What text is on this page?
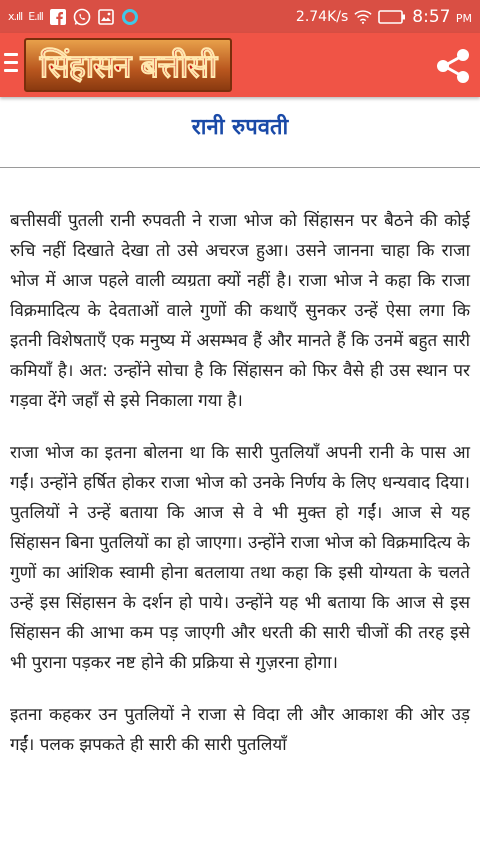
x.ıll E.ıll	2.74K/s	8:57 PM
सिंहासन बत्तीसी
रानी रुपवती

बत्तीसवीं पुतली रानी रुपवती ने राजा भोज को सिंहासन पर बैठने की कोई रुचि नहीं दिखाते देखा तो उसे अचरज हुआ। उसने जानना चाहा कि राजा भोज में आज पहले वाली व्यग्रता क्यों नहीं है। राजा भोज ने कहा कि राजा विक्रमादित्य के देवताओं वाले गुणों की कथाएँ सुनकर उन्हें ऐसा लगा कि इतनी विशेषताएँ एक मनुष्य में असम्भव हैं और मानते हैं कि उनमें बहुत सारी कमियाँ है। अत: उन्होंने सोचा है कि सिंहासन को फिर वैसे ही उस स्थान पर गड़वा देंगे जहाँ से इसे निकाला गया है।

राजा भोज का इतना बोलना था कि सारी पुतलियाँ अपनी रानी के पास आ गईं। उन्होंने हर्षित होकर राजा भोज को उनके निर्णय के लिए धन्यवाद दिया। पुतलियों ने उन्हें बताया कि आज से वे भी मुक्त हो गईं। आज से यह सिंहासन बिना पुतलियों का हो जाएगा। उन्होंने राजा भोज को विक्रमादित्य के गुणों का आंशिक स्वामी होना बतलाया तथा कहा कि इसी योग्यता के चलते उन्हें इस सिंहासन के दर्शन हो पाये। उन्होंने यह भी बताया कि आज से इस सिंहासन की आभा कम पड़ जाएगी और धरती की सारी चीजों की तरह इसे भी पुराना पड़कर नष्ट होने की प्रक्रिया से गुज़रना होगा।

इतना कहकर उन पुतलियों ने राजा से विदा ली और आकाश की ओर उड़ गईं। पलक झपकते ही सारी की सारी पुतलियाँ
